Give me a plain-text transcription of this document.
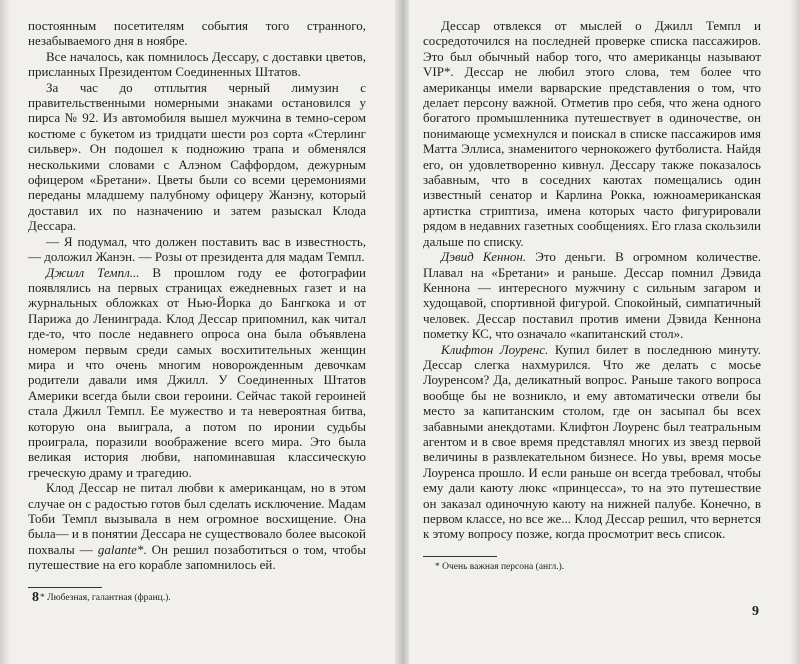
постоянным посетителям события того странного, незабываемого дня в ноябре.

Все началось, как помнилось Дессару, с доставки цветов, присланных Президентом Соединенных Штатов.

За час до отплытия черный лимузин с правительственными номерными знаками остановился у пирса № 92. Из автомобиля вышел мужчина в темно-сером костюме с букетом из тридцати шести роз сорта «Стерлинг сильвер». Он подошел к подножию трапа и обменялся несколькими словами с Алэном Саффордом, дежурным офицером «Бретани». Цветы были со всеми церемониями переданы младшему палубному офицеру Жанэну, который доставил их по назначению и затем разыскал Клода Дессара.

— Я подумал, что должен поставить вас в известность, — доложил Жанэн. — Розы от президента для мадам Темпл.

Джилл Темпл... В прошлом году ее фотографии появлялись на первых страницах ежедневных газет и на журнальных обложках от Нью-Йорка до Бангкока и от Парижа до Ленинграда. Клод Дессар припомнил, как читал где-то, что после недавнего опроса она была объявлена номером первым среди самых восхитительных женщин мира и что очень многим новорожденным девочкам родители давали имя Джилл. У Соединенных Штатов Америки всегда были свои героини. Сейчас такой героиней стала Джилл Темпл. Ее мужество и та невероятная битва, которую она выиграла, а потом по иронии судьбы проиграла, поразили воображение всего мира. Это была великая история любви, напоминавшая классическую греческую драму и трагедию.

Клод Дессар не питал любви к американцам, но в этом случае он с радостью готов был сделать исключение. Мадам Тоби Темпл вызывала в нем огромное восхищение. Она была— и в понятии Дессара не существовало более высокой похвалы — galante*. Он решил позаботиться о том, чтобы путешествие на его корабле запомнилось ей.

* Любезная, галантная (франц.).

8

Дессар отвлекся от мыслей о Джилл Темпл и сосредоточился на последней проверке списка пассажиров. Это был обычный набор того, что американцы называют VIP*. Дессар не любил этого слова, тем более что американцы имели варварские представления о том, что делает персону важной. Отметив про себя, что жена одного богатого промышленника путешествует в одиночестве, он понимающе усмехнулся и поискал в списке пассажиров имя Матта Эллиса, знаменитого чернокожего футболиста. Найдя его, он удовлетворенно кивнул. Дессару также показалось забавным, что в соседних каютах помещались один известный сенатор и Карлина Рокка, южноамериканская артистка стриптиза, имена которых часто фигурировали рядом в недавних газетных сообщениях. Его глаза скользили дальше по списку.

Дэвид Кеннон. Это деньги. В огромном количестве. Плавал на «Бретани» и раньше. Дессар помнил Дэвида Кеннона — интересного мужчину с сильным загаром и худощавой, спортивной фигурой. Спокойный, симпатичный человек. Дессар поставил против имени Дэвида Кеннона пометку КС, что означало «капитанский стол».

Клифтон Лоуренс. Купил билет в последнюю минуту. Дессар слегка нахмурился. Что же делать с мосье Лоуренсом? Да, деликатный вопрос. Раньше такого вопроса вообще бы не возникло, и ему автоматически отвели бы место за капитанским столом, где он засыпал бы всех забавными анекдотами. Клифтон Лоуренс был театральным агентом и в свое время представлял многих из звезд первой величины в развлекательном бизнесе. Но увы, время мосье Лоуренса прошло. И если раньше он всегда требовал, чтобы ему дали каюту люкс «принцесса», то на это путешествие он заказал одиночную каюту на нижней палубе. Конечно, в первом классе, но все же... Клод Дессар решил, что вернется к этому вопросу позже, когда просмотрит весь список.

* Очень важная персона (англ.).

9
